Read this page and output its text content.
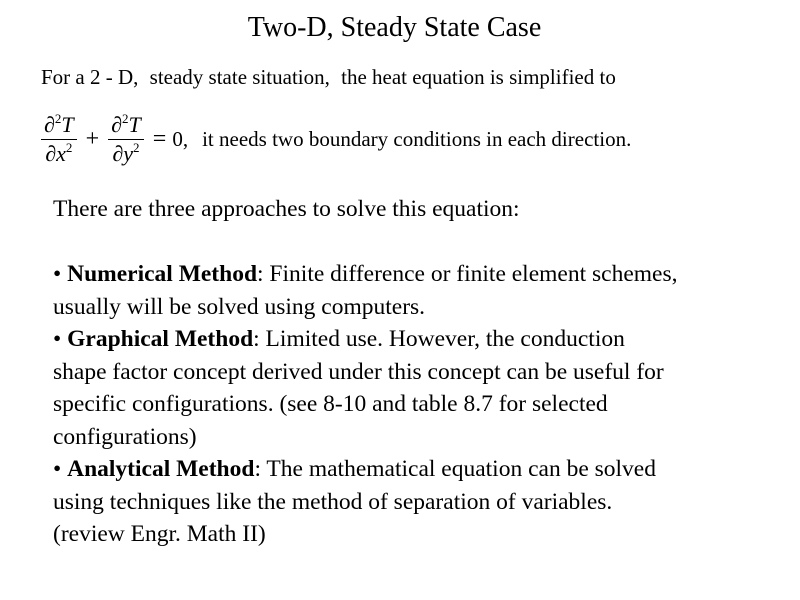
Two-D, Steady State Case
For a 2 - D, steady state situation, the heat equation is simplified to
$\frac{\partial^2T}{\partial x^2} + \frac{\partial^2T}{\partial y^2} = 0$, it needs two boundary conditions in each direction.

There are three approaches to solve this equation:

• Numerical Method: Finite difference or finite element schemes,

usually will be solved using computers.

• Graphical Method: Limited use. However, the conduction

shape factor concept derived under this concept can be useful for

specific configurations. (see 8-10 and table 8.7 for selected

configurations)

• Analytical Method: The mathematical equation can be solved

using techniques like the method of separation of variables.

(review Engr. Math II)
